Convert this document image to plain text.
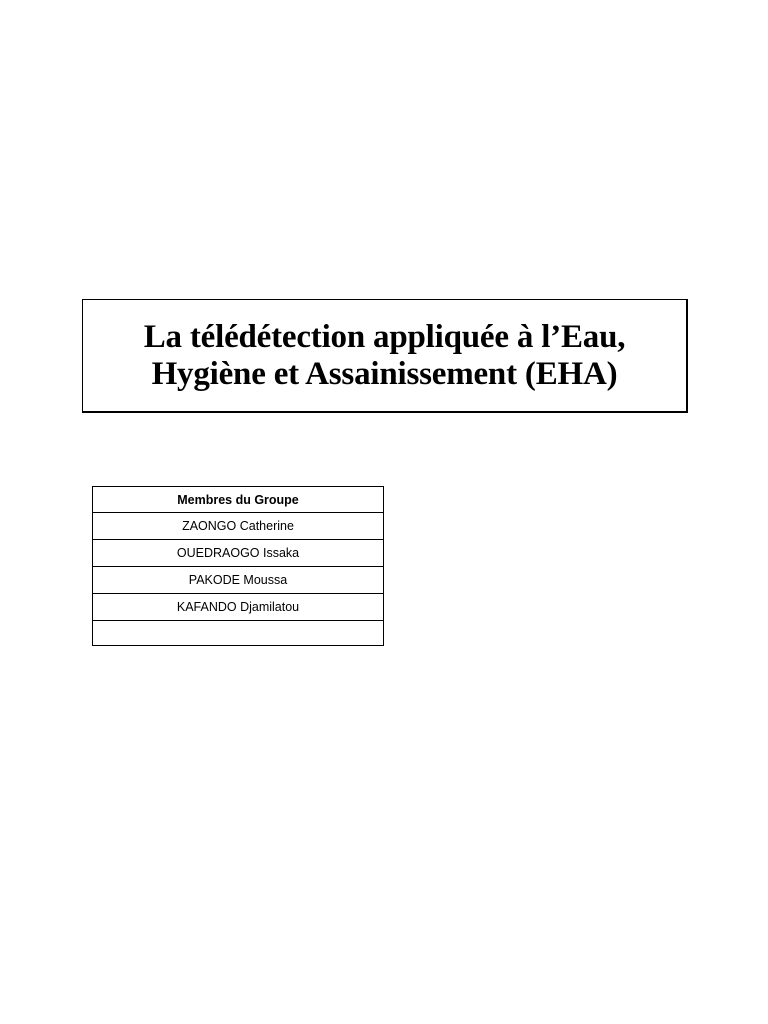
La télédétection appliquée à l’Eau,
Hygiène et Assainissement (EHA)
Membres du Groupe
ZAONGO Catherine
OUEDRAOGO Issaka
PAKODE Moussa
KAFANDO Djamilatou
